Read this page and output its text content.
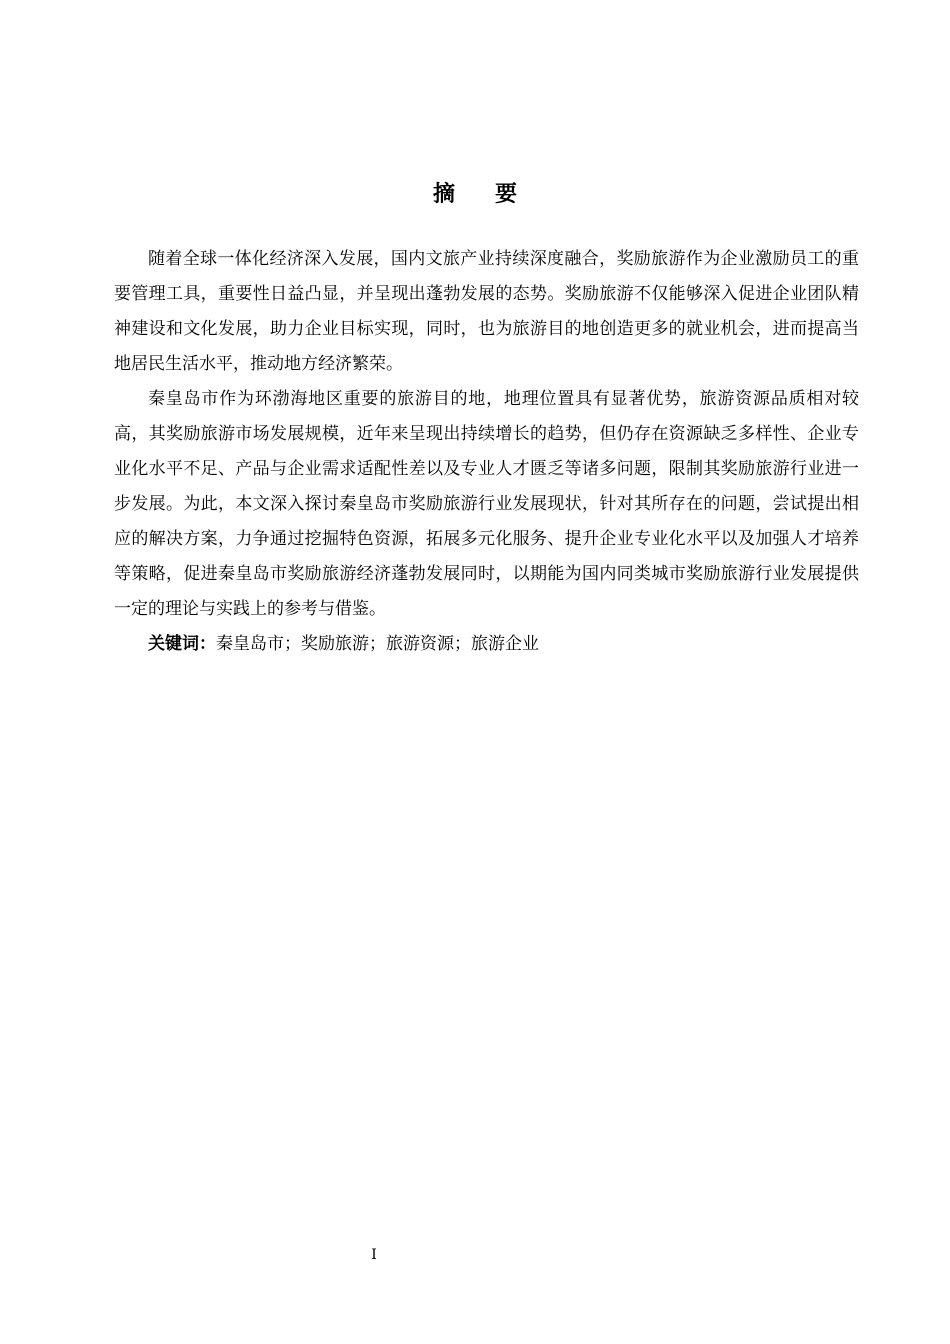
摘要

随着全球一体化经济深入发展，国内文旅产业持续深度融合，奖励旅游作为企业激励员工的重要管理工具，重要性日益凸显，并呈现出蓬勃发展的态势。奖励旅游不仅能够深入促进企业团队精神建设和文化发展，助力企业目标实现，同时，也为旅游目的地创造更多的就业机会，进而提高当地居民生活水平，推动地方经济繁荣。

秦皇岛市作为环渤海地区重要的旅游目的地，地理位置具有显著优势，旅游资源品质相对较高，其奖励旅游市场发展规模，近年来呈现出持续增长的趋势，但仍存在资源缺乏多样性、企业专业化水平不足、产品与企业需求适配性差以及专业人才匮乏等诸多问题，限制其奖励旅游行业进一步发展。为此，本文深入探讨秦皇岛市奖励旅游行业发展现状，针对其所存在的问题，尝试提出相应的解决方案，力争通过挖掘特色资源，拓展多元化服务、提升企业专业化水平以及加强人才培养等策略，促进秦皇岛市奖励旅游经济蓬勃发展同时，以期能为国内同类城市奖励旅游行业发展提供一定的理论与实践上的参考与借鉴。

关键词：秦皇岛市；奖励旅游；旅游资源；旅游企业

I
